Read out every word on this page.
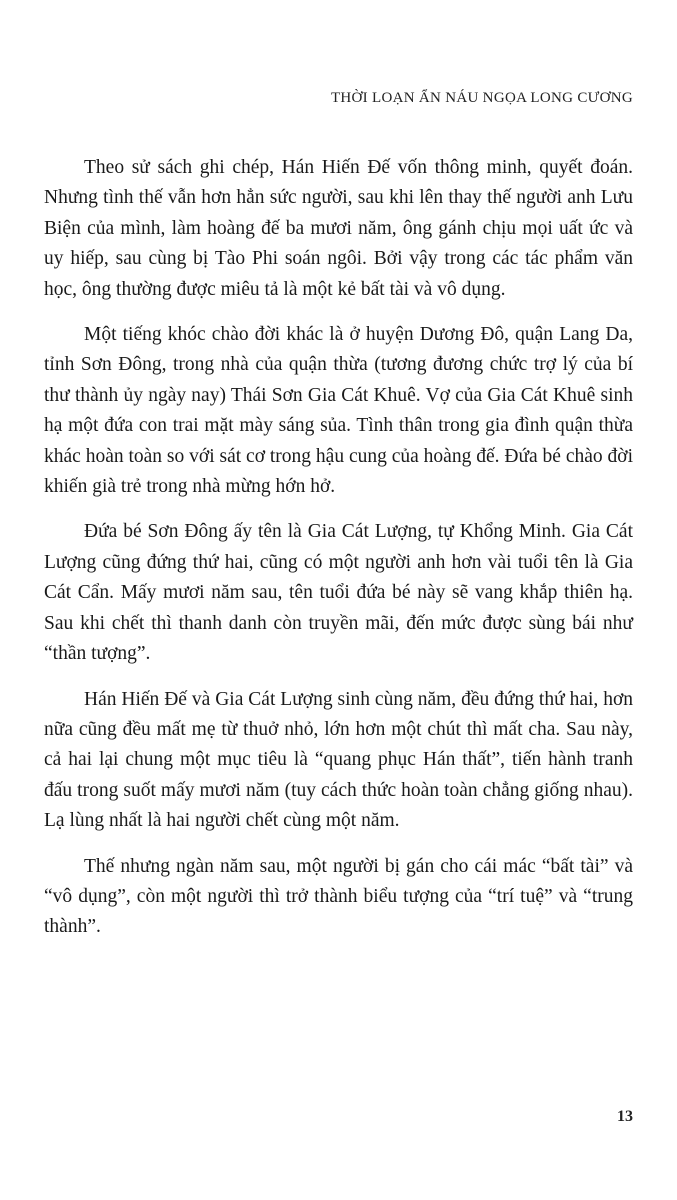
THỜI LOẠN ẨN NÁU NGỌA LONG CƯƠNG

Theo sử sách ghi chép, Hán Hiến Đế vốn thông minh, quyết đoán. Nhưng tình thế vẫn hơn hẳn sức người, sau khi lên thay thế người anh Lưu Biện của mình, làm hoàng đế ba mươi năm, ông gánh chịu mọi uất ức và uy hiếp, sau cùng bị Tào Phi soán ngôi. Bởi vậy trong các tác phẩm văn học, ông thường được miêu tả là một kẻ bất tài và vô dụng.

Một tiếng khóc chào đời khác là ở huyện Dương Đô, quận Lang Da, tỉnh Sơn Đông, trong nhà của quận thừa (tương đương chức trợ lý của bí thư thành ủy ngày nay) Thái Sơn Gia Cát Khuê. Vợ của Gia Cát Khuê sinh hạ một đứa con trai mặt mày sáng sủa. Tình thân trong gia đình quận thừa khác hoàn toàn so với sát cơ trong hậu cung của hoàng đế. Đứa bé chào đời khiến già trẻ trong nhà mừng hớn hở.

Đứa bé Sơn Đông ấy tên là Gia Cát Lượng, tự Khổng Minh. Gia Cát Lượng cũng đứng thứ hai, cũng có một người anh hơn vài tuổi tên là Gia Cát Cẩn. Mấy mươi năm sau, tên tuổi đứa bé này sẽ vang khắp thiên hạ. Sau khi chết thì thanh danh còn truyền mãi, đến mức được sùng bái như “thần tượng”.

Hán Hiến Đế và Gia Cát Lượng sinh cùng năm, đều đứng thứ hai, hơn nữa cũng đều mất mẹ từ thuở nhỏ, lớn hơn một chút thì mất cha. Sau này, cả hai lại chung một mục tiêu là “quang phục Hán thất”, tiến hành tranh đấu trong suốt mấy mươi năm (tuy cách thức hoàn toàn chẳng giống nhau). Lạ lùng nhất là hai người chết cùng một năm.

Thế nhưng ngàn năm sau, một người bị gán cho cái mác “bất tài” và “vô dụng”, còn một người thì trở thành biểu tượng của “trí tuệ” và “trung thành”.

13
